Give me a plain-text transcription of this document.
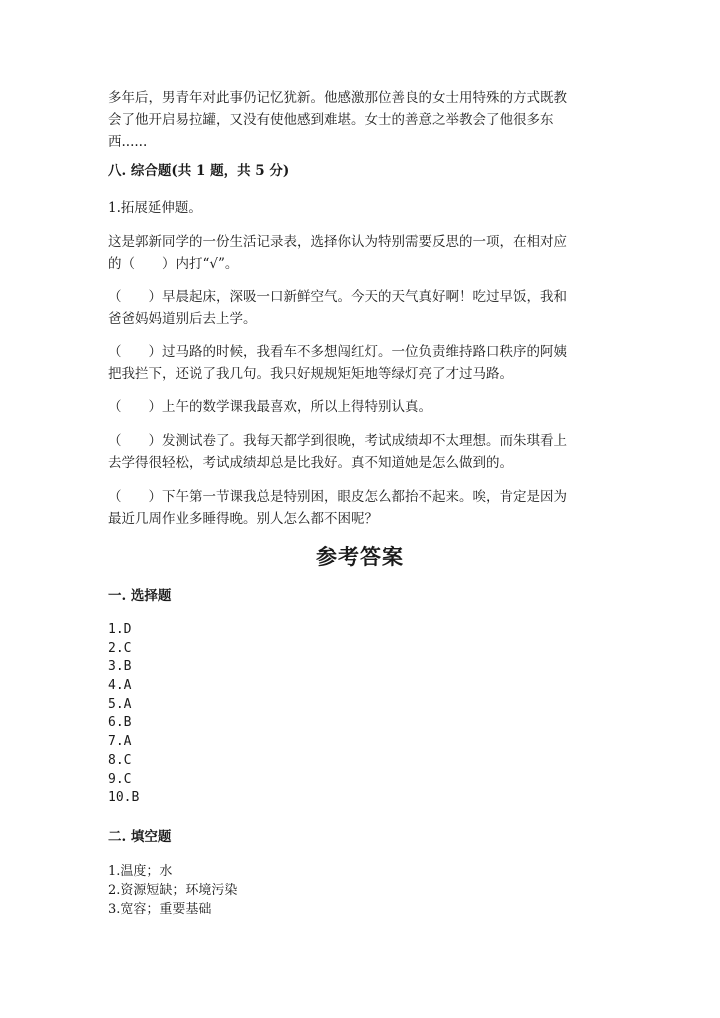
多年后，男青年对此事仍记忆犹新。他感激那位善良的女士用特殊的方式既教

会了他开启易拉罐，又没有使他感到难堪。女士的善意之举教会了他很多东

西......

八. 综合题(共 1 题，共 5 分)
1.拓展延伸题。

这是郭新同学的一份生活记录表，选择你认为特别需要反思的一项，在相对应

的（　　）内打“√”。

（　　）早晨起床，深吸一口新鲜空气。今天的天气真好啊！吃过早饭，我和

爸爸妈妈道别后去上学。

（　　）过马路的时候，我看车不多想闯红灯。一位负责维持路口秩序的阿姨

把我拦下，还说了我几句。我只好规规矩矩地等绿灯亮了才过马路。

（　　）上午的数学课我最喜欢，所以上得特别认真。

（　　）发测试卷了。我每天都学到很晚，考试成绩却不太理想。而朱琪看上

去学得很轻松，考试成绩却总是比我好。真不知道她是怎么做到的。

（　　）下午第一节课我总是特别困，眼皮怎么都抬不起来。唉，肯定是因为

最近几周作业多睡得晚。别人怎么都不困呢？

参考答案
一. 选择题
1.D
2.C
3.B
4.A
5.A
6.B
7.A
8.C
9.C
10.B
二. 填空题
1.温度；水
2.资源短缺；环境污染
3.宽容；重要基础
